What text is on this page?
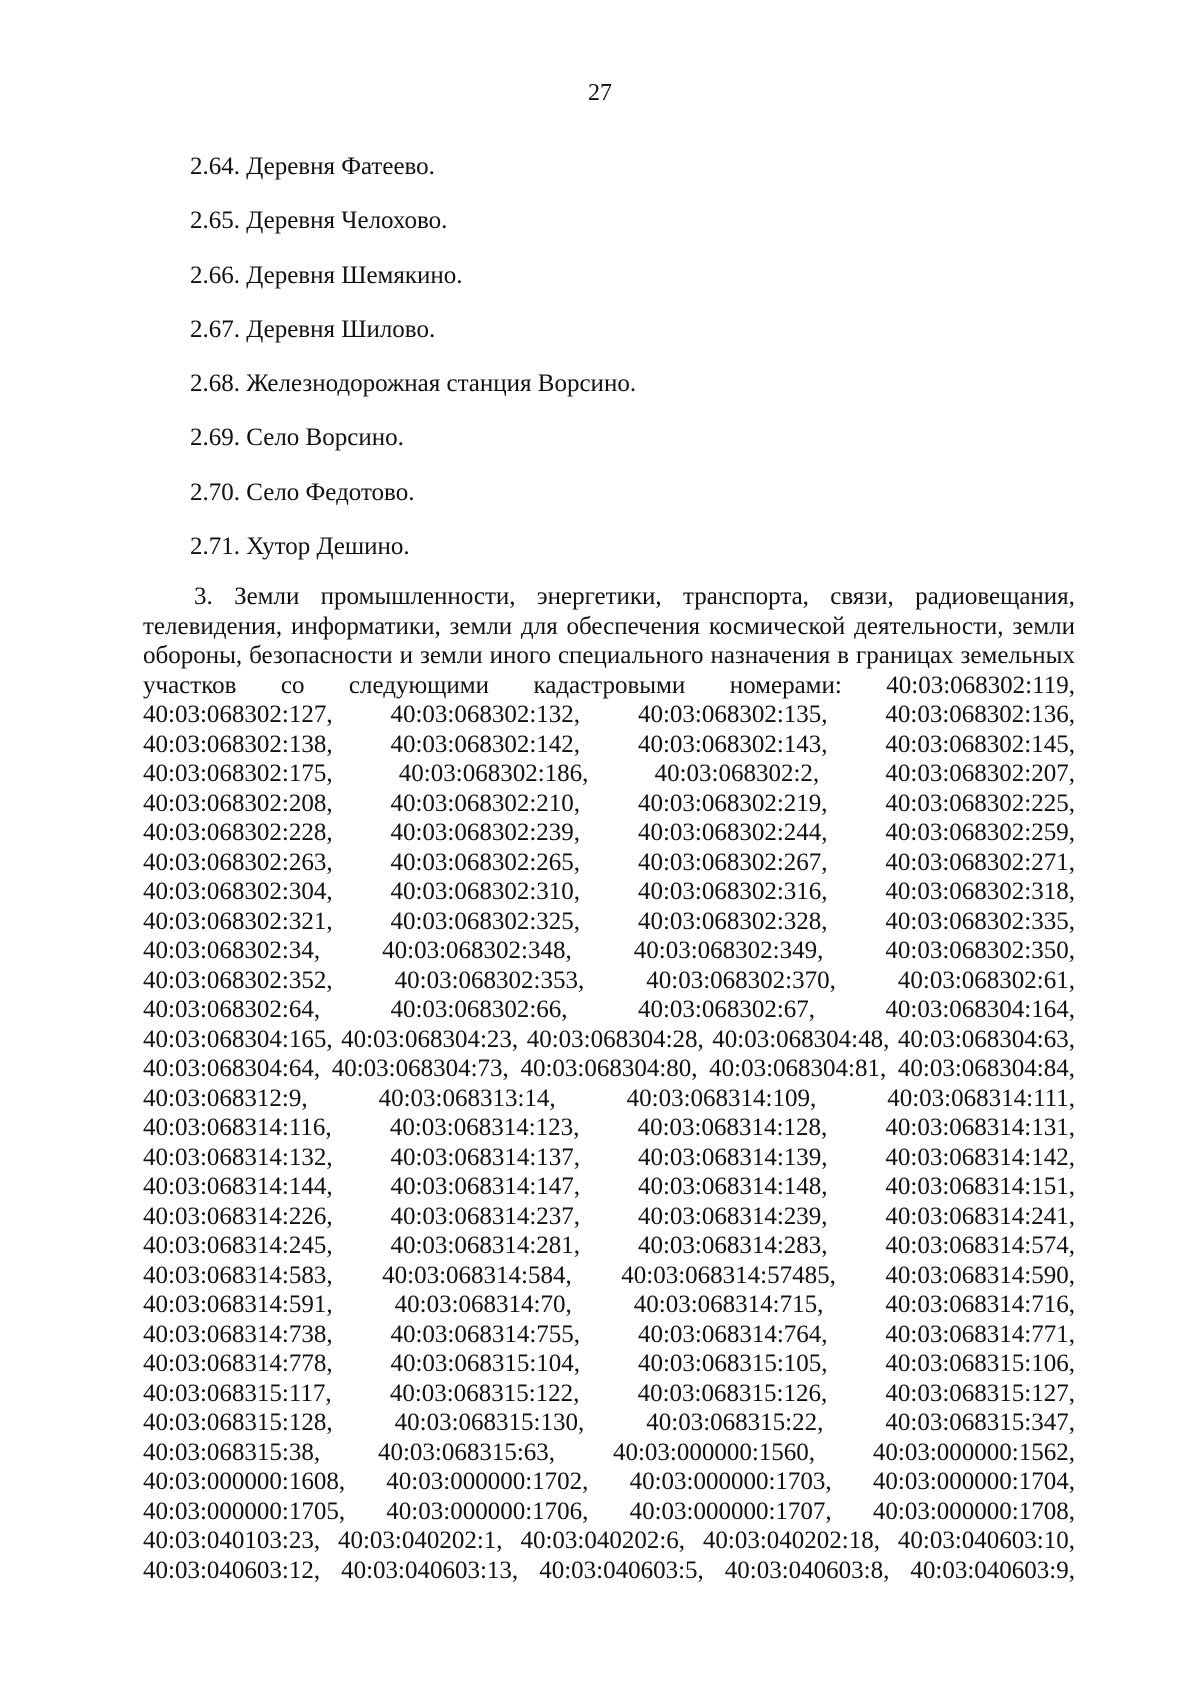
27
2.64. Деревня Фатеево.
2.65. Деревня Челохово.
2.66. Деревня Шемякино.
2.67. Деревня Шилово.
2.68. Железнодорожная станция Ворсино.
2.69. Село Ворсино.
2.70. Село Федотово.
2.71. Хутор Дешино.
3. Земли промышленности, энергетики, транспорта, связи, радиовещания,
телевидения, информатики, земли для обеспечения космической деятельности, земли
обороны, безопасности и земли иного специального назначения в границах земельных
участков со следующими кадастровыми номерами: 40:03:068302:119,
40:03:068302:127, 40:03:068302:132, 40:03:068302:135, 40:03:068302:136,
40:03:068302:138, 40:03:068302:142, 40:03:068302:143, 40:03:068302:145,
40:03:068302:175,	40:03:068302:186,	40:03:068302:2,	40:03:068302:207,
40:03:068302:208, 40:03:068302:210, 40:03:068302:219, 40:03:068302:225,
40:03:068302:228, 40:03:068302:239, 40:03:068302:244, 40:03:068302:259,
40:03:068302:263, 40:03:068302:265, 40:03:068302:267, 40:03:068302:271,
40:03:068302:304, 40:03:068302:310, 40:03:068302:316, 40:03:068302:318,
40:03:068302:321, 40:03:068302:325, 40:03:068302:328, 40:03:068302:335,
40:03:068302:34, 40:03:068302:348, 40:03:068302:349, 40:03:068302:350,
40:03:068302:352, 40:03:068302:353, 40:03:068302:370, 40:03:068302:61,
40:03:068302:64,	40:03:068302:66,	40:03:068302:67,	40:03:068304:164,
40:03:068304:165, 40:03:068304:23, 40:03:068304:28, 40:03:068304:48, 40:03:068304:63,
40:03:068304:64, 40:03:068304:73, 40:03:068304:80, 40:03:068304:81, 40:03:068304:84,
40:03:068312:9,	40:03:068313:14,	40:03:068314:109,	40:03:068314:111,
40:03:068314:116, 40:03:068314:123, 40:03:068314:128, 40:03:068314:131,
40:03:068314:132, 40:03:068314:137, 40:03:068314:139, 40:03:068314:142,
40:03:068314:144, 40:03:068314:147, 40:03:068314:148, 40:03:068314:151,
40:03:068314:226, 40:03:068314:237, 40:03:068314:239, 40:03:068314:241,
40:03:068314:245, 40:03:068314:281, 40:03:068314:283, 40:03:068314:574,
40:03:068314:583, 40:03:068314:584, 40:03:068314:57485, 40:03:068314:590,
40:03:068314:591, 40:03:068314:70, 40:03:068314:715, 40:03:068314:716,
40:03:068314:738, 40:03:068314:755, 40:03:068314:764, 40:03:068314:771,
40:03:068314:778, 40:03:068315:104, 40:03:068315:105, 40:03:068315:106,
40:03:068315:117, 40:03:068315:122, 40:03:068315:126, 40:03:068315:127,
40:03:068315:128, 40:03:068315:130, 40:03:068315:22, 40:03:068315:347,
40:03:068315:38, 40:03:068315:63, 40:03:000000:1560, 40:03:000000:1562,
40:03:000000:1608, 40:03:000000:1702, 40:03:000000:1703, 40:03:000000:1704,
40:03:000000:1705, 40:03:000000:1706, 40:03:000000:1707, 40:03:000000:1708,
40:03:040103:23, 40:03:040202:1, 40:03:040202:6, 40:03:040202:18, 40:03:040603:10,
40:03:040603:12, 40:03:040603:13, 40:03:040603:5, 40:03:040603:8, 40:03:040603:9,
